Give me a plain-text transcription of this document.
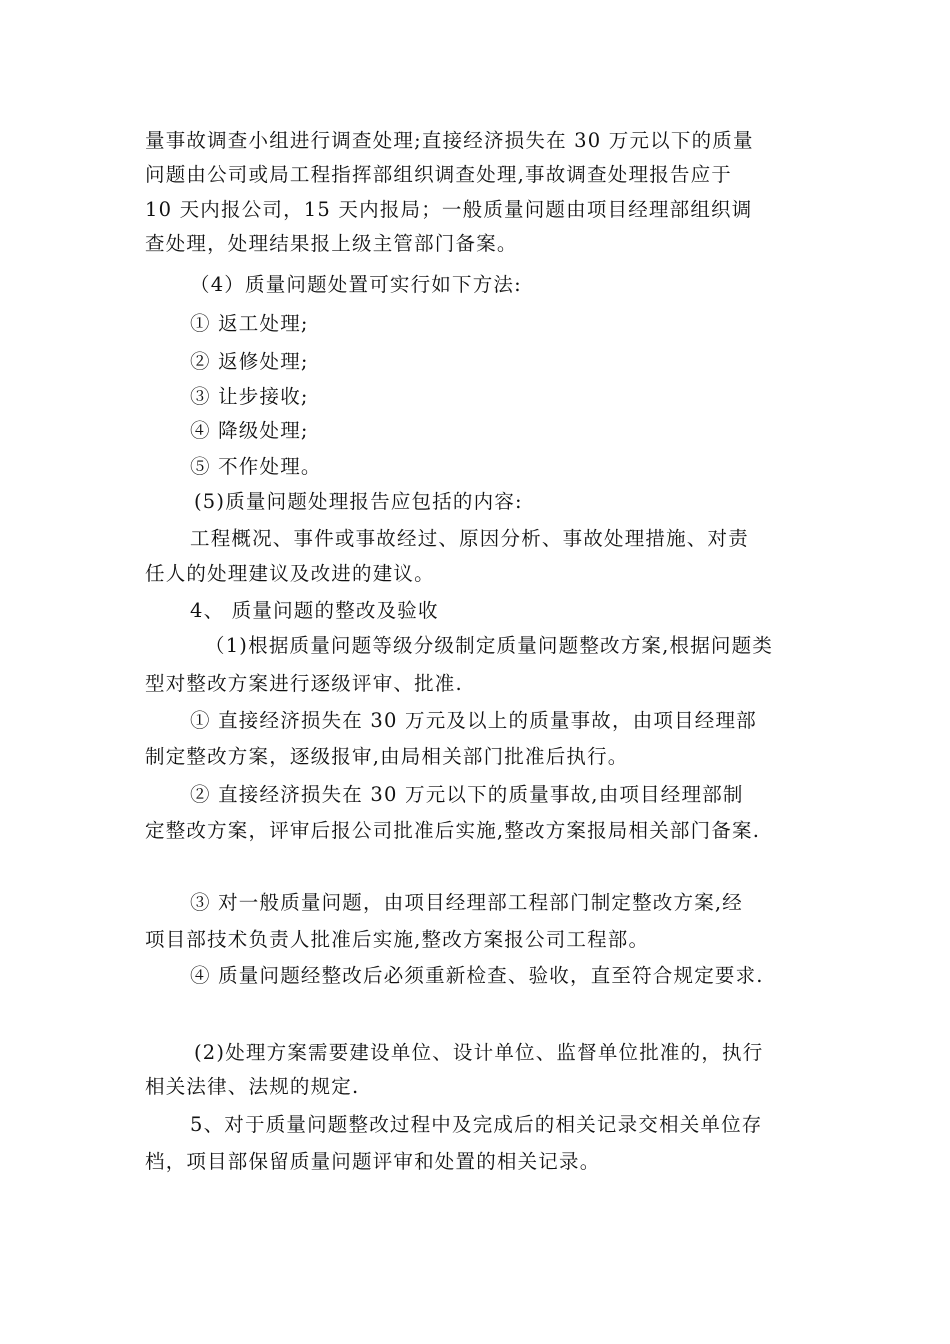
量事故调查小组进行调查处理;直接经济损失在 30 万元以下的质量
问题由公司或局工程指挥部组织调查处理,事故调查处理报告应于
10 天内报公司，15 天内报局；一般质量问题由项目经理部组织调
查处理，处理结果报上级主管部门备案。
（4）质量问题处置可实行如下方法:
① 返工处理;
② 返修处理;
③ 让步接收;
④ 降级处理;
⑤ 不作处理。
(5)质量问题处理报告应包括的内容:
工程概况、事件或事故经过、原因分析、事故处理措施、对责
任人的处理建议及改进的建议。
4、 质量问题的整改及验收
（1)根据质量问题等级分级制定质量问题整改方案,根据问题类
型对整改方案进行逐级评审、批准.
① 直接经济损失在 30 万元及以上的质量事故，由项目经理部
制定整改方案，逐级报审,由局相关部门批准后执行。
② 直接经济损失在 30 万元以下的质量事故,由项目经理部制
定整改方案，评审后报公司批准后实施,整改方案报局相关部门备案.
③ 对一般质量问题，由项目经理部工程部门制定整改方案,经
项目部技术负责人批准后实施,整改方案报公司工程部。
④ 质量问题经整改后必须重新检查、验收，直至符合规定要求.
(2)处理方案需要建设单位、设计单位、监督单位批准的，执行
相关法律、法规的规定.
5、对于质量问题整改过程中及完成后的相关记录交相关单位存
档，项目部保留质量问题评审和处置的相关记录。
